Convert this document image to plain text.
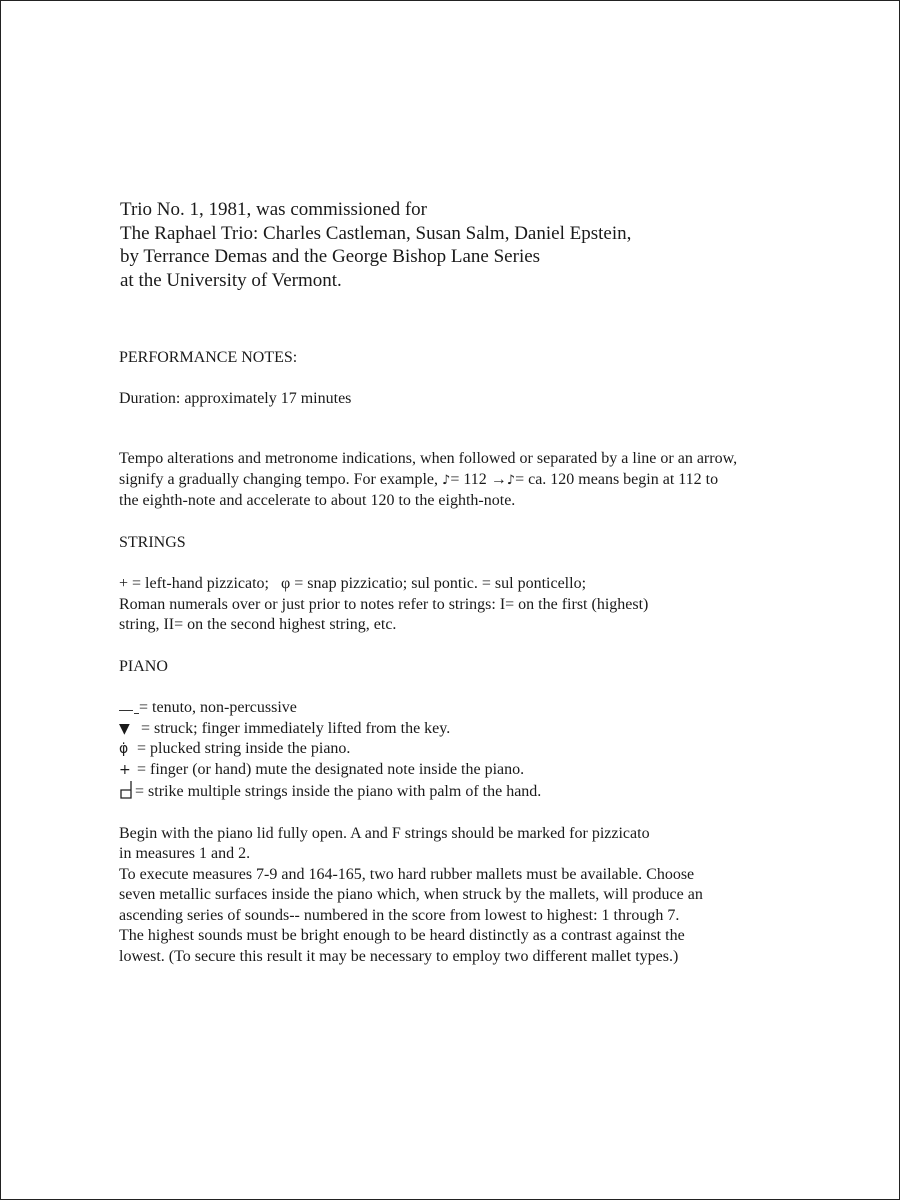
Trio No. 1, 1981, was commissioned for
The Raphael Trio: Charles Castleman, Susan Salm, Daniel Epstein,
by Terrance Demas and the George Bishop Lane Series
at the University of Vermont.
PERFORMANCE NOTES:
Duration: approximately 17 minutes
Tempo alterations and metronome indications, when followed or separated by a line or an arrow,
signify a gradually changing tempo. For example, ♪= 112 →♪= ca. 120 means begin at 112 to
the eighth-note and accelerate to about 120 to the eighth-note.
STRINGS
+ = left-hand pizzicato; φ = snap pizzicatio; sul pontic. = sul ponticello;
Roman numerals over or just prior to notes refer to strings: I= on the first (highest)
string, II= on the second highest string, etc.
PIANO
= tenuto, non-percussive
▼ = struck; finger immediately lifted from the key.
φ̇ = plucked string inside the piano.
+ = finger (or hand) mute the designated note inside the piano.
= strike multiple strings inside the piano with palm of the hand.
Begin with the piano lid fully open. A and F strings should be marked for pizzicato
in measures 1 and 2.
To execute measures 7-9 and 164-165, two hard rubber mallets must be available. Choose
seven metallic surfaces inside the piano which, when struck by the mallets, will produce an
ascending series of sounds-- numbered in the score from lowest to highest: 1 through 7.
The highest sounds must be bright enough to be heard distinctly as a contrast against the
lowest. (To secure this result it may be necessary to employ two different mallet types.)
